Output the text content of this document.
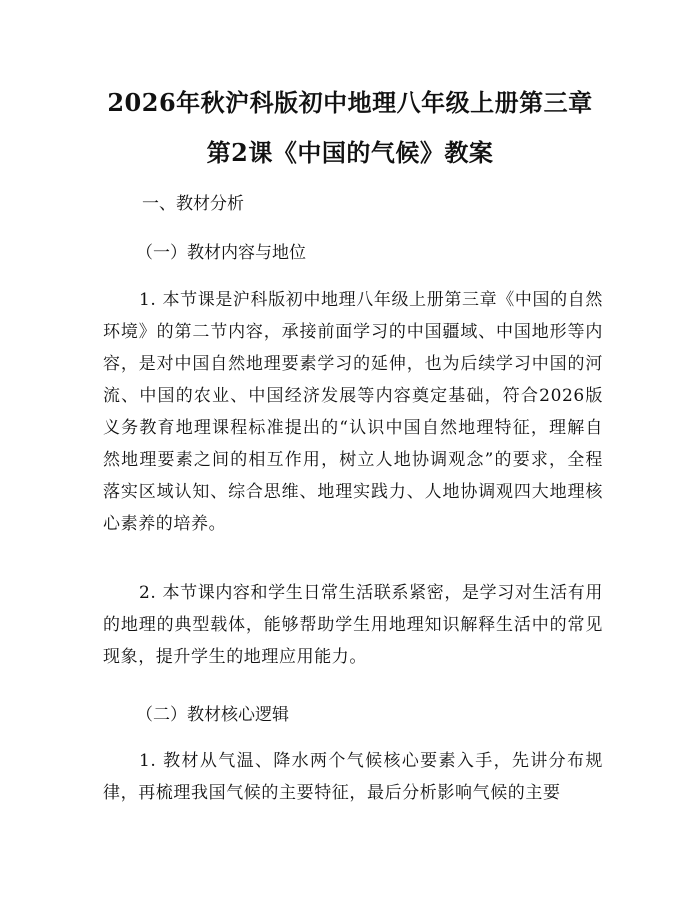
2026年秋沪科版初中地理八年级上册第三章
第2课《中国的气候》教案
一、教材分析
（一）教材内容与地位

1. 本节课是沪科版初中地理八年级上册第三章《中国的自然环境》的第二节内容，承接前面学习的中国疆域、中国地形等内容，是对中国自然地理要素学习的延伸，也为后续学习中国的河流、中国的农业、中国经济发展等内容奠定基础，符合2026版义务教育地理课程标准提出的“认识中国自然地理特征，理解自然地理要素之间的相互作用，树立人地协调观念”的要求，全程落实区域认知、综合思维、地理实践力、人地协调观四大地理核心素养的培养。

2. 本节课内容和学生日常生活联系紧密，是学习对生活有用的地理的典型载体，能够帮助学生用地理知识解释生活中的常见现象，提升学生的地理应用能力。

（二）教材核心逻辑

1. 教材从气温、降水两个气候核心要素入手，先讲分布规律，再梳理我国气候的主要特征，最后分析影响气候的主要
